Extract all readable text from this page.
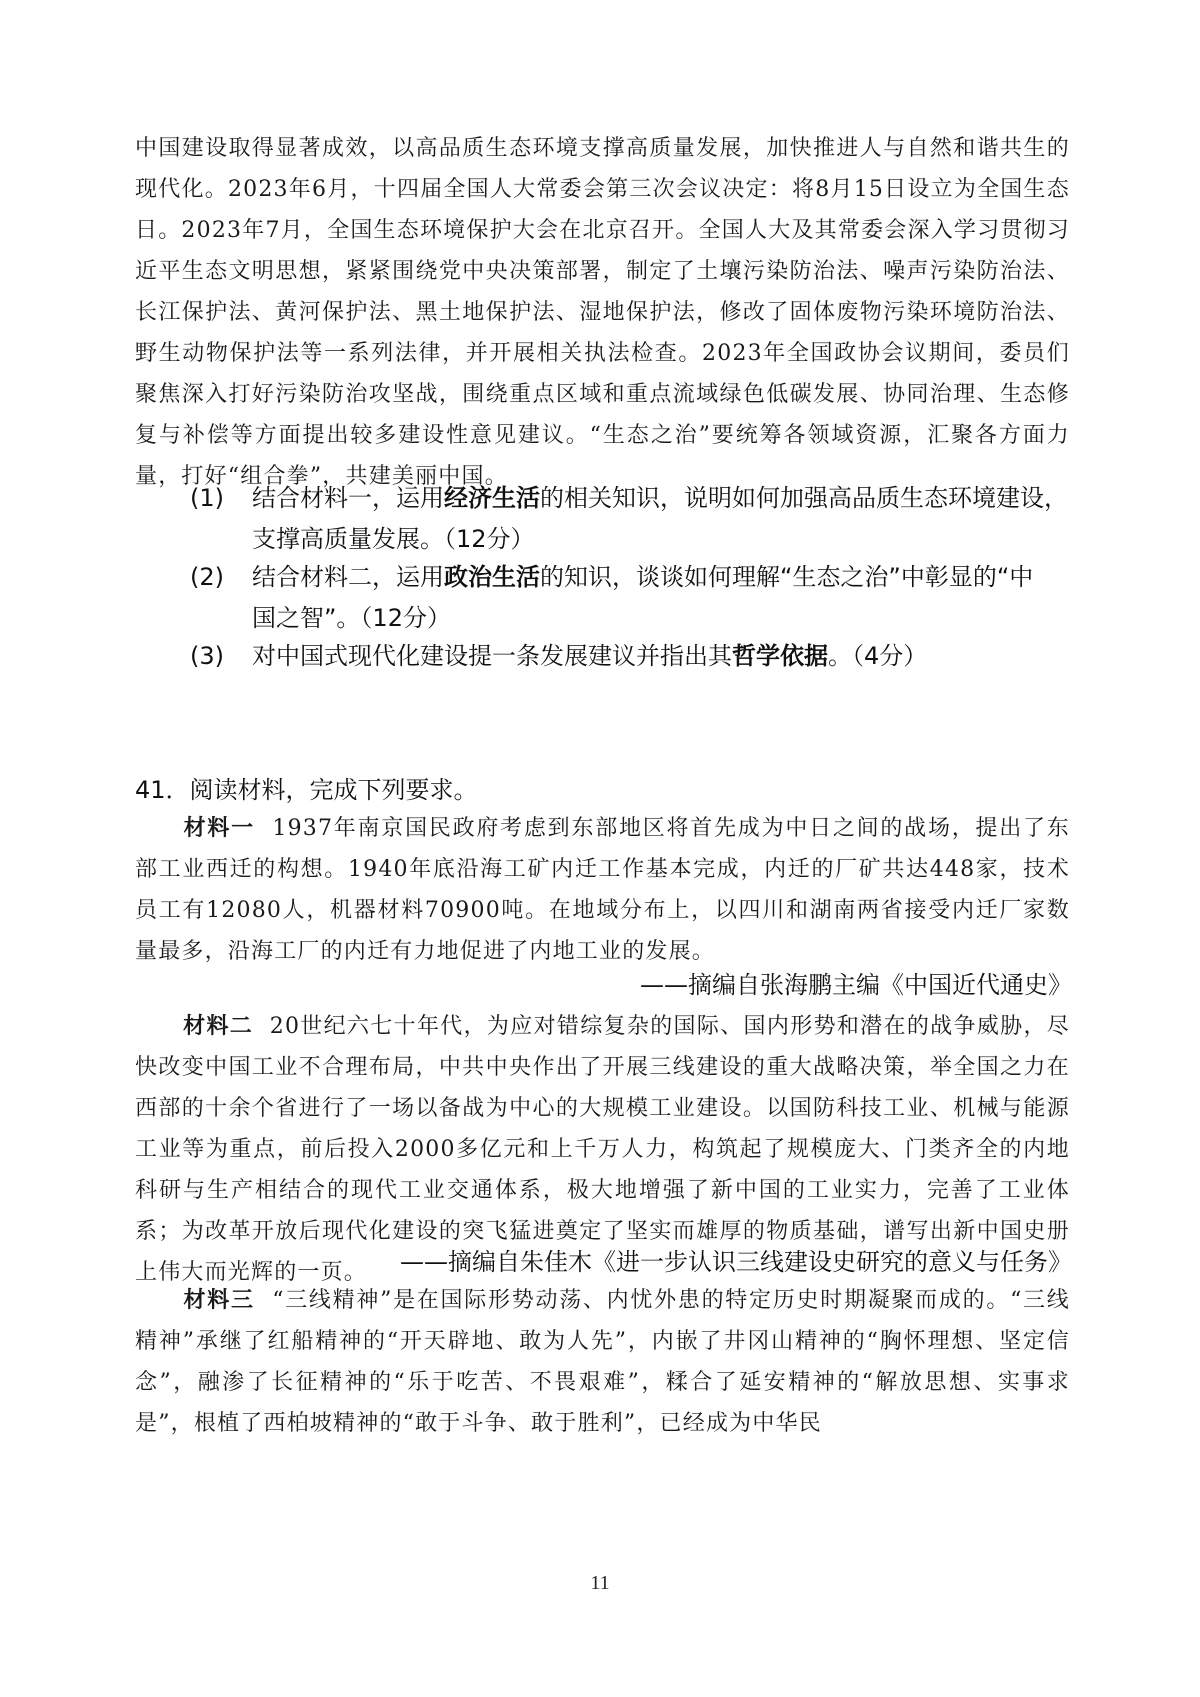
中国建设取得显著成效，以高品质生态环境支撑高质量发展，加快推进人与自然和谐共生的现代化。2023年6月，十四届全国人大常委会第三次会议决定：将8月15日设立为全国生态日。2023年7月，全国生态环境保护大会在北京召开。全国人大及其常委会深入学习贯彻习近平生态文明思想，紧紧围绕党中央决策部署，制定了土壤污染防治法、噪声污染防治法、长江保护法、黄河保护法、黑土地保护法、湿地保护法，修改了固体废物污染环境防治法、野生动物保护法等一系列法律，并开展相关执法检查。2023年全国政协会议期间，委员们聚焦深入打好污染防治攻坚战，围绕重点区域和重点流域绿色低碳发展、协同治理、生态修复与补偿等方面提出较多建设性意见建议。“生态之治”要统筹各领域资源，汇聚各方面力量，打好“组合拳”，共建美丽中国。
(1) 结合材料一，运用经济生活的相关知识，说明如何加强高品质生态环境建设，
支撑高质量发展。（12分）
(2) 结合材料二，运用政治生活的知识，谈谈如何理解“生态之治”中彰显的“中
国之智”。（12分）
(3) 对中国式现代化建设提一条发展建议并指出其哲学依据。（4分）
41．阅读材料，完成下列要求。
材料一 1937年南京国民政府考虑到东部地区将首先成为中日之间的战场，提出了东部工业西迁的构想。1940年底沿海工矿内迁工作基本完成，内迁的厂矿共达448家，技术员工有12080人，机器材料70900吨。在地域分布上，以四川和湖南两省接受内迁厂家数量最多，沿海工厂的内迁有力地促进了内地工业的发展。
——摘编自张海鹏主编《中国近代通史》
材料二 20世纪六七十年代，为应对错综复杂的国际、国内形势和潜在的战争威胁，尽快改变中国工业不合理布局，中共中央作出了开展三线建设的重大战略决策，举全国之力在西部的十余个省进行了一场以备战为中心的大规模工业建设。以国防科技工业、机械与能源工业等为重点，前后投入2000多亿元和上千万人力，构筑起了规模庞大、门类齐全的内地科研与生产相结合的现代工业交通体系，极大地增强了新中国的工业实力，完善了工业体系；为改革开放后现代化建设的突飞猛进奠定了坚实而雄厚的物质基础，谱写出新中国史册上伟大而光辉的一页。	——摘编自朱佳木《进一步认识三线建设史研究的意义与任务》
材料三 “三线精神”是在国际形势动荡、内忧外患的特定历史时期凝聚而成的。“三线精神”承继了红船精神的“开天辟地、敢为人先”，内嵌了井冈山精神的“胸怀理想、坚定信念”，融渗了长征精神的“乐于吃苦、不畏艰难”，糅合了延安精神的“解放思想、实事求是”，根植了西柏坡精神的“敢于斗争、敢于胜利”，已经成为中华民
11
